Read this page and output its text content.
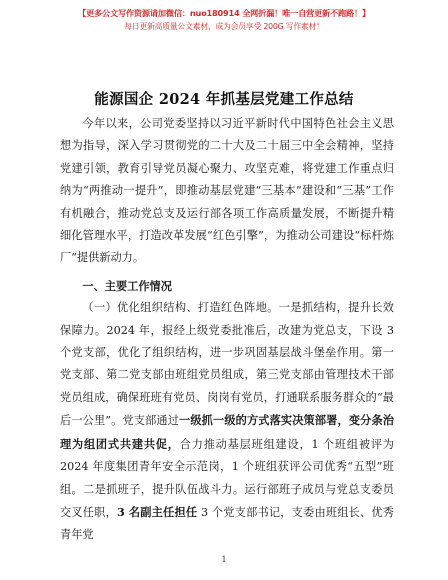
【更多公文写作资源请加微信：nuo180914 全网折漏！唯一自营更新不跑路！】
每日更新高质量公文素材，成为会员享受 200G 写作素材！
能源国企 2024 年抓基层党建工作总结

今年以来，公司党委坚持以习近平新时代中国特色社会主义思想为指导，深入学习贯彻党的二十大及二十届三中全会精神，坚持党建引领，教育引导党员凝心聚力、攻坚克难，将党建工作重点归纳为“两推动一提升”，即推动基层党建“三基本”建设和“三基”工作有机融合，推动党总支及运行部各项工作高质量发展，不断提升精细化管理水平，打造改革发展“红色引擎”，为推动公司建设“标杆炼厂”提供新动力。

一、主要工作情况

（一）优化组织结构、打造红色阵地。一是抓结构，提升长效保障力。2024 年，报经上级党委批准后，改建为党总支，下设 3 个党支部，优化了组织结构，进一步巩固基层战斗堡垒作用。第一党支部、第二党支部由班组党员组成，第三党支部由管理技术干部党员组成，确保班班有党员、岗岗有党员，打通联系服务群众的“最后一公里”。党支部通过一级抓一级的方式落实决策部署，变分条治理为组团式共建共促，合力推动基层班组建设，1 个班组被评为 2024 年度集团青年安全示范岗，1 个班组获评公司优秀“五型”班组。二是抓班子，提升队伍战斗力。运行部班子成员与党总支委员交叉任职，3 名副主任担任 3 个党支部书记，支委由班组长、优秀青年党

1
